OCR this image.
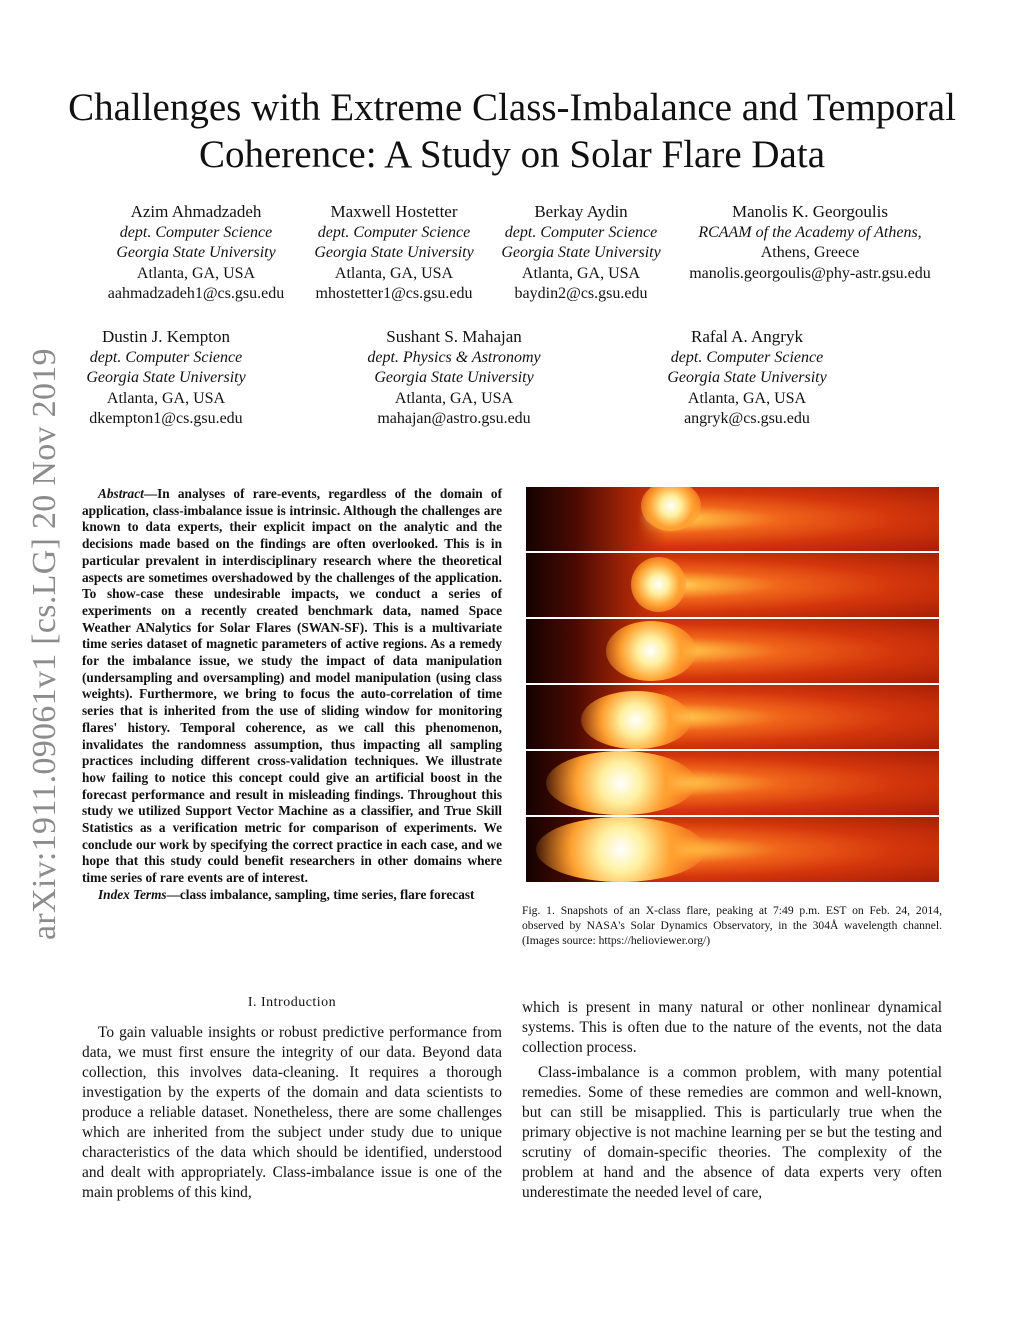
Challenges with Extreme Class-Imbalance and Temporal Coherence: A Study on Solar Flare Data
arXiv:1911.09061v1 [cs.LG] 20 Nov 2019
Azim Ahmadzadeh
dept. Computer Science
Georgia State University
Atlanta, GA, USA
aahmadzadeh1@cs.gsu.edu
Maxwell Hostetter
dept. Computer Science
Georgia State University
Atlanta, GA, USA
mhostetter1@cs.gsu.edu
Berkay Aydin
dept. Computer Science
Georgia State University
Atlanta, GA, USA
baydin2@cs.gsu.edu
Manolis K. Georgoulis
RCAAM of the Academy of Athens,
Athens, Greece
manolis.georgoulis@phy-astr.gsu.edu
Dustin J. Kempton
dept. Computer Science
Georgia State University
Atlanta, GA, USA
dkempton1@cs.gsu.edu
Sushant S. Mahajan
dept. Physics & Astronomy
Georgia State University
Atlanta, GA, USA
mahajan@astro.gsu.edu
Rafal A. Angryk
dept. Computer Science
Georgia State University
Atlanta, GA, USA
angryk@cs.gsu.edu

Abstract—In analyses of rare-events, regardless of the domain of application, class-imbalance issue is intrinsic. Although the challenges are known to data experts, their explicit impact on the analytic and the decisions made based on the findings are often overlooked. This is in particular prevalent in interdisciplinary research where the theoretical aspects are sometimes overshadowed by the challenges of the application. To show-case these undesirable impacts, we conduct a series of experiments on a recently created benchmark data, named Space Weather ANalytics for Solar Flares (SWAN-SF). This is a multivariate time series dataset of magnetic parameters of active regions. As a remedy for the imbalance issue, we study the impact of data manipulation (undersampling and oversampling) and model manipulation (using class weights). Furthermore, we bring to focus the auto-correlation of time series that is inherited from the use of sliding window for monitoring flares' history. Temporal coherence, as we call this phenomenon, invalidates the randomness assumption, thus impacting all sampling practices including different cross-validation techniques. We illustrate how failing to notice this concept could give an artificial boost in the forecast performance and result in misleading findings. Throughout this study we utilized Support Vector Machine as a classifier, and True Skill Statistics as a verification metric for comparison of experiments. We conclude our work by specifying the correct practice in each case, and we hope that this study could benefit researchers in other domains where time series of rare events are of interest.

Index Terms—class imbalance, sampling, time series, flare forecast

Fig. 1. Snapshots of an X-class flare, peaking at 7:49 p.m. EST on Feb. 24, 2014, observed by NASA's Solar Dynamics Observatory, in the 304Å wavelength channel. (Images source: https://helioviewer.org/)

I. Introduction

To gain valuable insights or robust predictive performance from data, we must first ensure the integrity of our data. Beyond data collection, this involves data-cleaning. It requires a thorough investigation by the experts of the domain and data scientists to produce a reliable dataset. Nonetheless, there are some challenges which are inherited from the subject under study due to unique characteristics of the data which should be identified, understood and dealt with appropriately. Class-imbalance issue is one of the main problems of this kind,

which is present in many natural or other nonlinear dynamical systems. This is often due to the nature of the events, not the data collection process.

Class-imbalance is a common problem, with many potential remedies. Some of these remedies are common and well-known, but can still be misapplied. This is particularly true when the primary objective is not machine learning per se but the testing and scrutiny of domain-specific theories. The complexity of the problem at hand and the absence of data experts very often underestimate the needed level of care,
